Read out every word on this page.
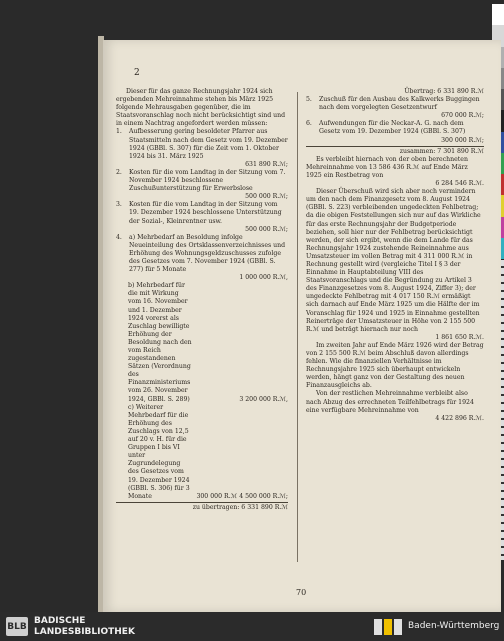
2

Dieser für das ganze Rechnungsjahr 1924 sich ergebenden Mehreinnahme stehen bis März 1925 folgende Mehrausgaben gegenüber, die im Staatsvoranschlag noch nicht berücksichtigt sind und in einem Nachtrag angefordert werden müssen:

1.	Aufbesserung gering besoldeter Pfarrer aus Staatsmitteln nach dem Gesetz vom 19. Dezember 1924 (GBBl. S. 307) für die Zeit vom 1. Oktober 1924 bis 31. März 1925
631 890 R.ℳ;
2.	Kosten für die vom Landtag in der Sitzung vom 7. November 1924 beschlossene Zuschußunterstützung für Erwerbslose
500 000 R.ℳ;
3.	Kosten für die vom Landtag in der Sitzung vom 19. Dezember 1924 beschlossene Unterstützung der Sozial-, Kleinrentner usw.
500 000 R.ℳ;
4.	a) Mehrbedarf an Besoldung infolge Neueinteilung des Ortsklassenverzeichnisses und Erhöhung des Wohnungsgeldzuschusses zufolge des Gesetzes vom 7. November 1924 (GBBl. S. 277) für 5 Monate
1 000 000 R.ℳ,
b) Mehrbedarf für die mit Wirkung vom 16. November und 1. Dezember 1924 vorerst als Zuschlag bewilligte Erhöhung der Besoldung nach den vom Reich zugestandenen Sätzen (Verordnung des Finanzministeriums vom 26. November 1924, GBBl. S. 289)	3 200 000 R.ℳ,
c) Weiterer Mehrbedarf für die Erhöhung des Zuschlags von 12,5 auf 20 v. H. für die Gruppen I bis VI unter Zugrundelegung des Gesetzes vom 19. Dezember 1924 (GBBl. S. 306) für 3 Monate	300 000 R.ℳ 4 500 000 R.ℳ;
zu übertragen: 6 331 890 R.ℳ
Übertrag: 6 331 890 R.ℳ
5.	Zuschuß für den Ausbau des Kalkwerks Buggingen nach dem vorgelegten Gesetzentwurf
670 000 R.ℳ;
6.	Aufwendungen für die Neckar-A. G. nach dem Gesetz vom 19. Dezember 1924 (GBBl. S. 307)
300 000 R.ℳ;
zusammen: 7 301 890 R.ℳ

Es verbleibt hiernach von der oben berechneten Mehreinnahme von 13 586 436 R.ℳ auf Ende März 1925 ein Restbetrag von

6 284 546 R.ℳ.

Dieser Überschuß wird sich aber noch vermindern um den nach dem Finanzgesetz vom 8. August 1924 (GBBl. S. 223) verbleibenden ungedeckten Fehlbetrag; da die obigen Feststellungen sich nur auf das Wirkliche für das erste Rechnungsjahr der Budgetperiode beziehen, soll hier nur der Fehlbetrag berücksichtigt werden, der sich ergibt, wenn die dem Lande für das Rechnungsjahr 1924 zustehende Reineinnahme aus Umsatzsteuer im vollen Betrag mit 4 311 000 R.ℳ in Rechnung gestellt wird (vergleiche Titel I § 3 der Einnahme in Hauptabteilung VIII des Staatsvoranschlags und die Begründung zu Artikel 3 des Finanzgesetzes vom 8. August 1924, Ziffer 3); der ungedeckte Fehlbetrag mit 4 017 150 R.ℳ ermäßigt sich darnach auf Ende März 1925 um die Hälfte der im Voranschlag für 1924 und 1925 in Einnahme gestellten Reinerträge der Umsatzsteuer in Höhe von 2 155 500 R.ℳ und beträgt hiernach nur noch

1 861 650 R.ℳ.

Im zweiten Jahr auf Ende März 1926 wird der Betrag von 2 155 500 R.ℳ beim Abschluß davon allerdings fehlen. Wie die finanziellen Verhältnisse im Rechnungsjahre 1925 sich überhaupt entwickeln werden, hängt ganz von der Gestaltung des neuen Finanzausgleichs ab.

Von der restlichen Mehreinnahme verbleibt also nach Abzug des errechneten Teilfehlbetrags für 1924 eine verfügbare Mehreinnahme von

4 422 896 R.ℳ.
70
BLB
BADISCHE
LANDESBIBLIOTHEK
Baden-Württemberg
